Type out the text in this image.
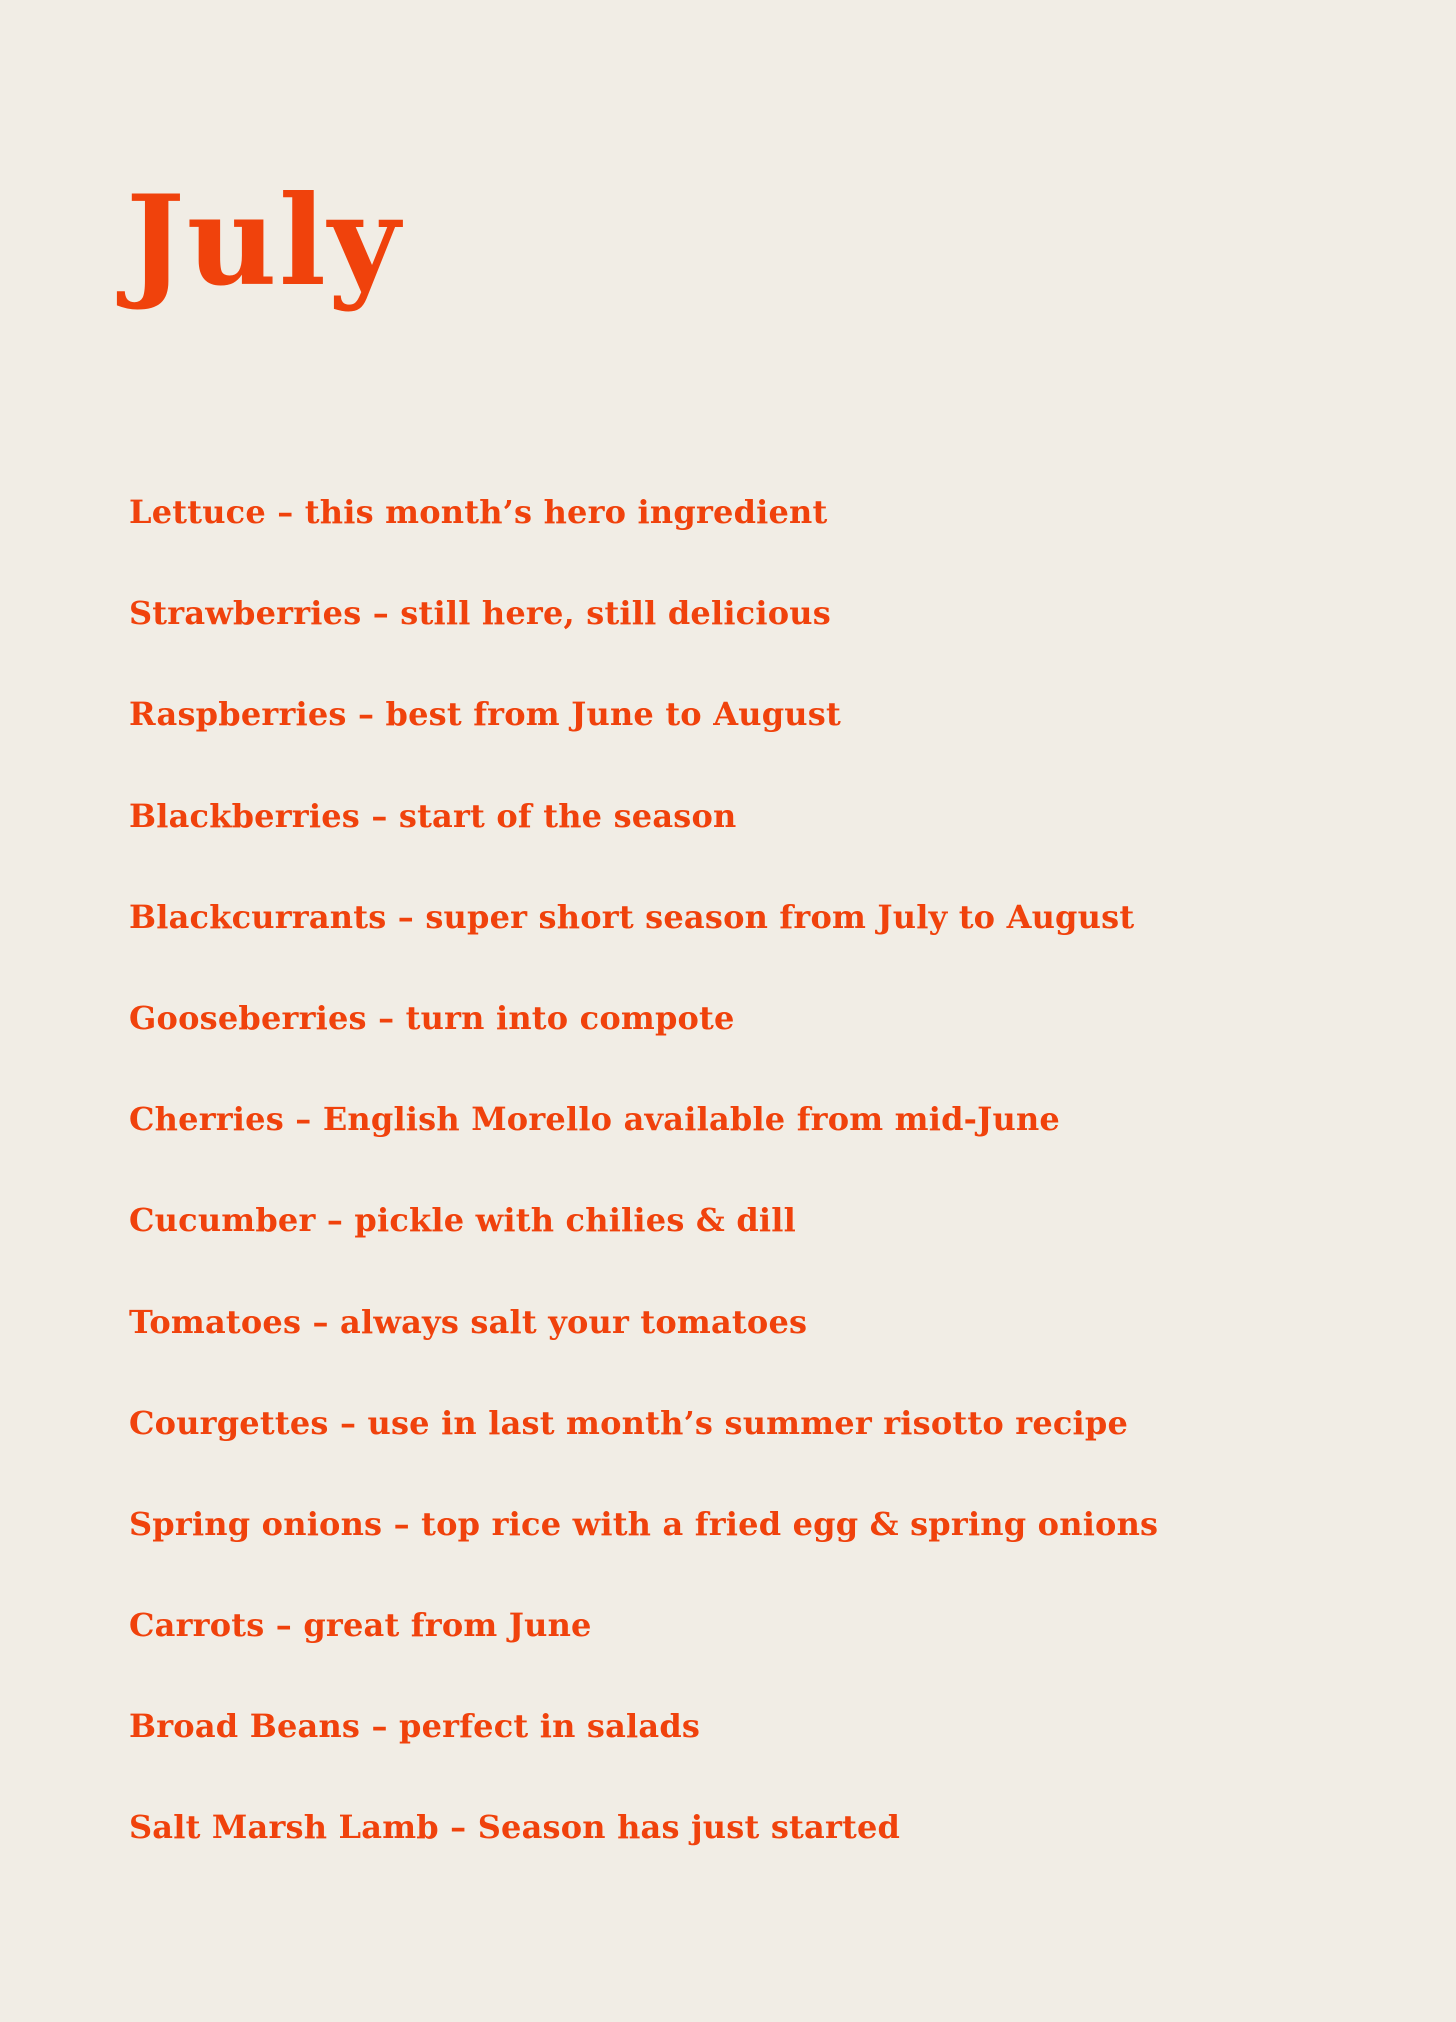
July
Lettuce – this month’s hero ingredient
Strawberries – still here, still delicious
Raspberries – best from June to August
Blackberries – start of the season
Blackcurrants – super short season from July to August
Gooseberries – turn into compote
Cherries – English Morello available from mid-June
Cucumber – pickle with chilies & dill
Tomatoes – always salt your tomatoes
Courgettes – use in last month’s summer risotto recipe
Spring onions – top rice with a fried egg & spring onions
Carrots – great from June
Broad Beans – perfect in salads
Salt Marsh Lamb – Season has just started
